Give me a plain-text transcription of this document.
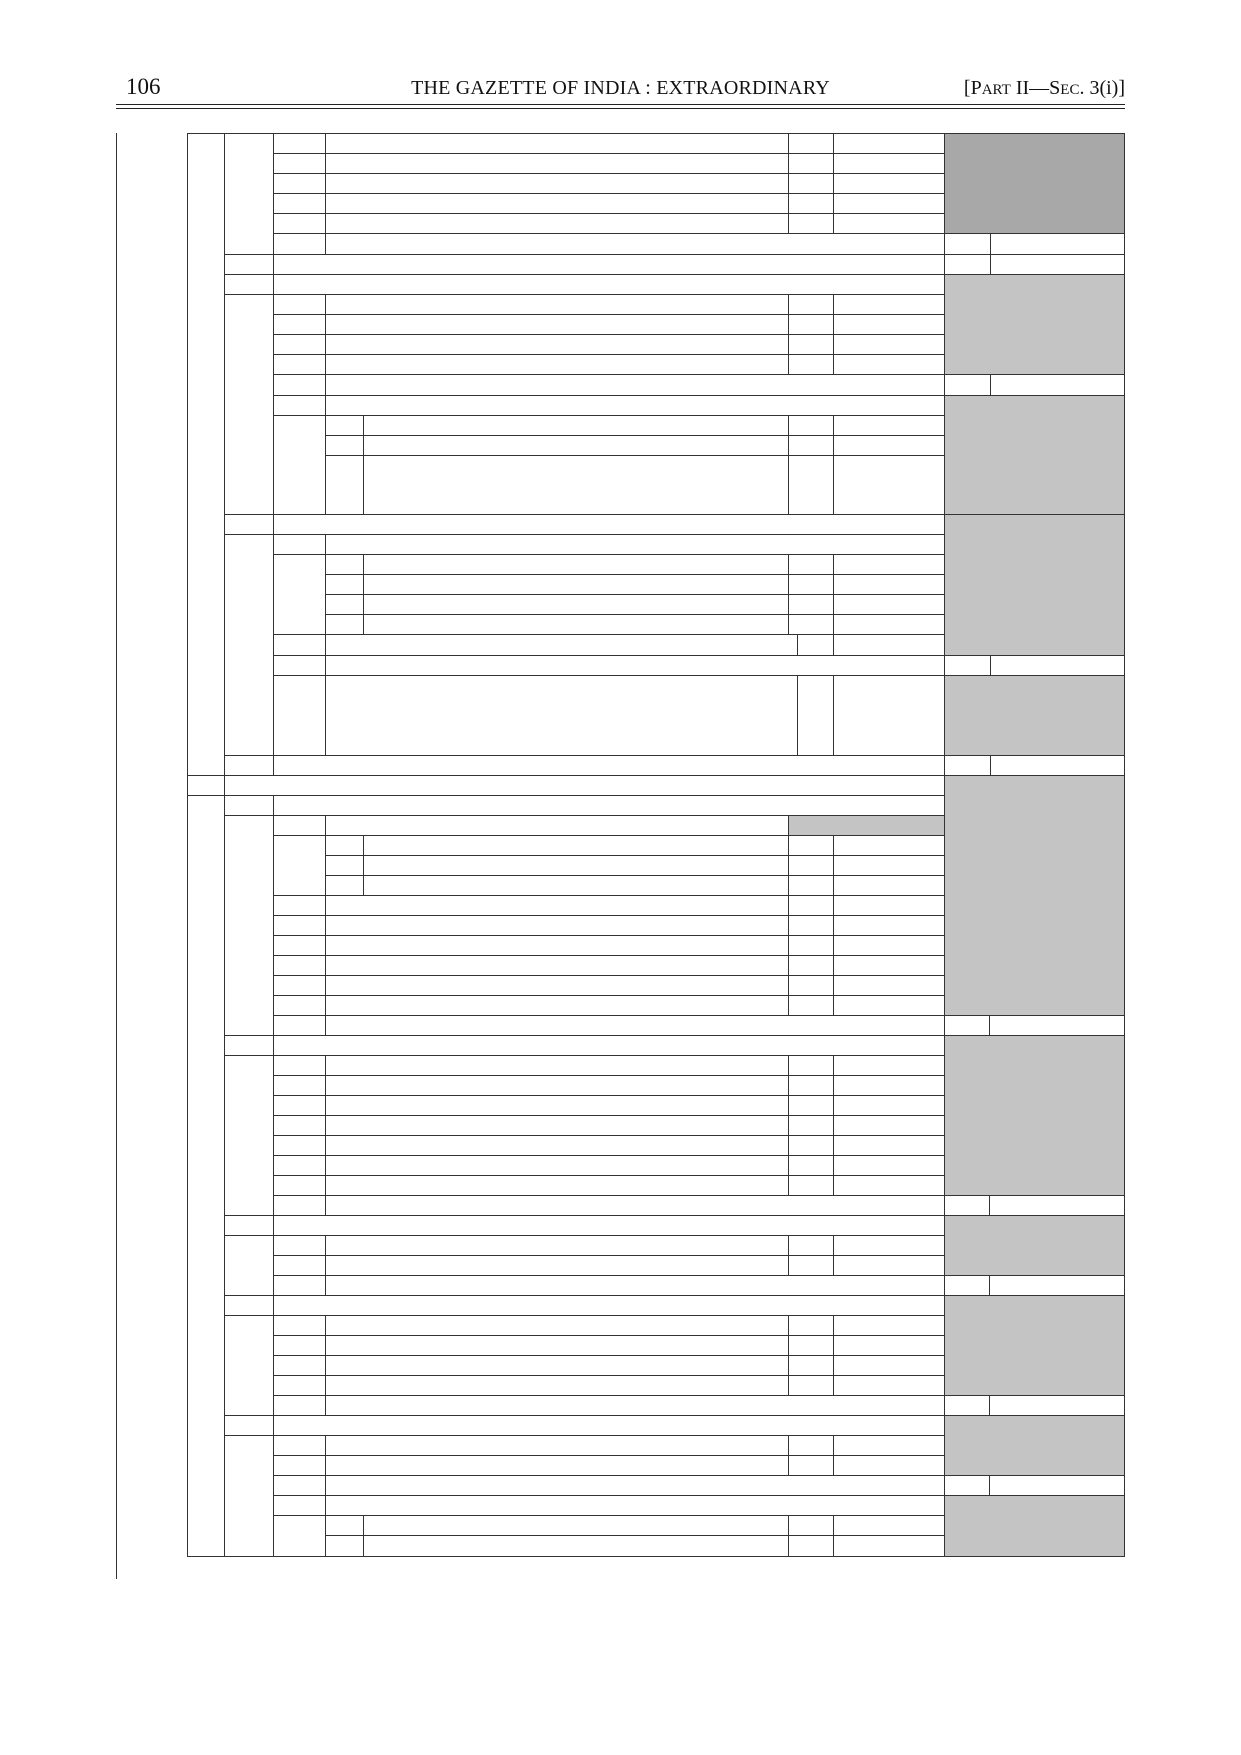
106	THE GAZETTE OF INDIA : EXTRAORDINARY	[PART II—SEC. 3(i)]
